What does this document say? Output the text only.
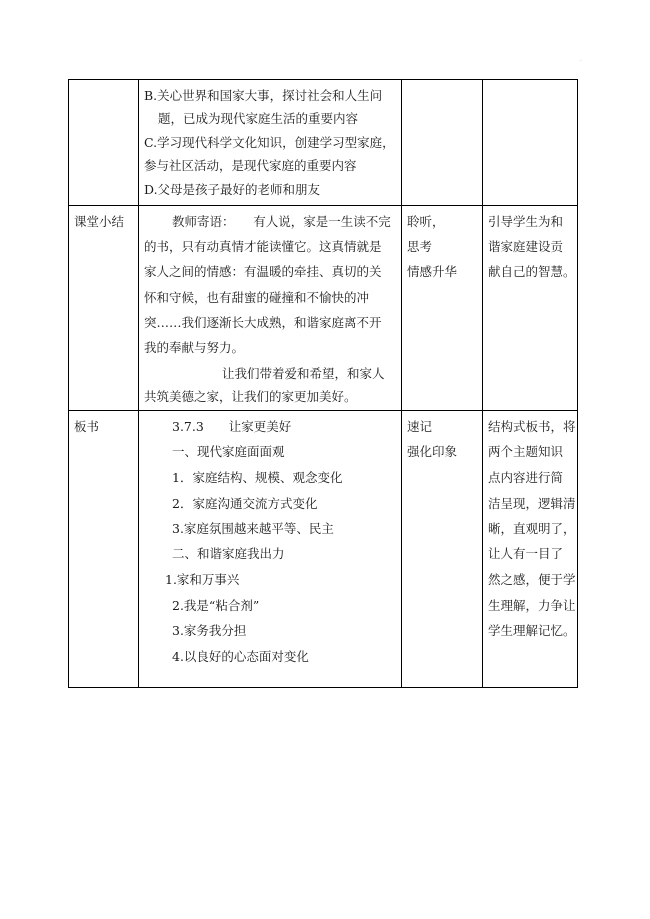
·
B.关心世界和国家大事，探讨社会和人生问
题，已成为现代家庭生活的重要内容
C.学习现代科学文化知识，创建学习型家庭，
参与社区活动，是现代家庭的重要内容
D.父母是孩子最好的老师和朋友
课堂小结	教师寄语：　　有人说，家是一生读不完
的书，只有动真情才能读懂它。这真情就是
家人之间的情感：有温暖的牵挂、真切的关
怀和守候，也有甜蜜的碰撞和不愉快的冲
突……我们逐渐长大成熟，和谐家庭离不开
我的奉献与努力。
让我们带着爱和希望，和家人
共筑美德之家，让我们的家更加美好。
聆听，
思考
情感升华
引导学生为和
谐家庭建设贡
献自己的智慧。
板书	3.7.3　　让家更美好
一、现代家庭面面观
1．家庭结构、规模、观念变化
2．家庭沟通交流方式变化
3.家庭氛围越来越平等、民主
二、和谐家庭我出力
1.家和万事兴
2.我是“粘合剂”
3.家务我分担
4.以良好的心态面对变化
速记
强化印象
结构式板书，将
两个主题知识
点内容进行简
洁呈现，逻辑清
晰，直观明了，
让人有一目了
然之感，便于学
生理解，力争让
学生理解记忆。
